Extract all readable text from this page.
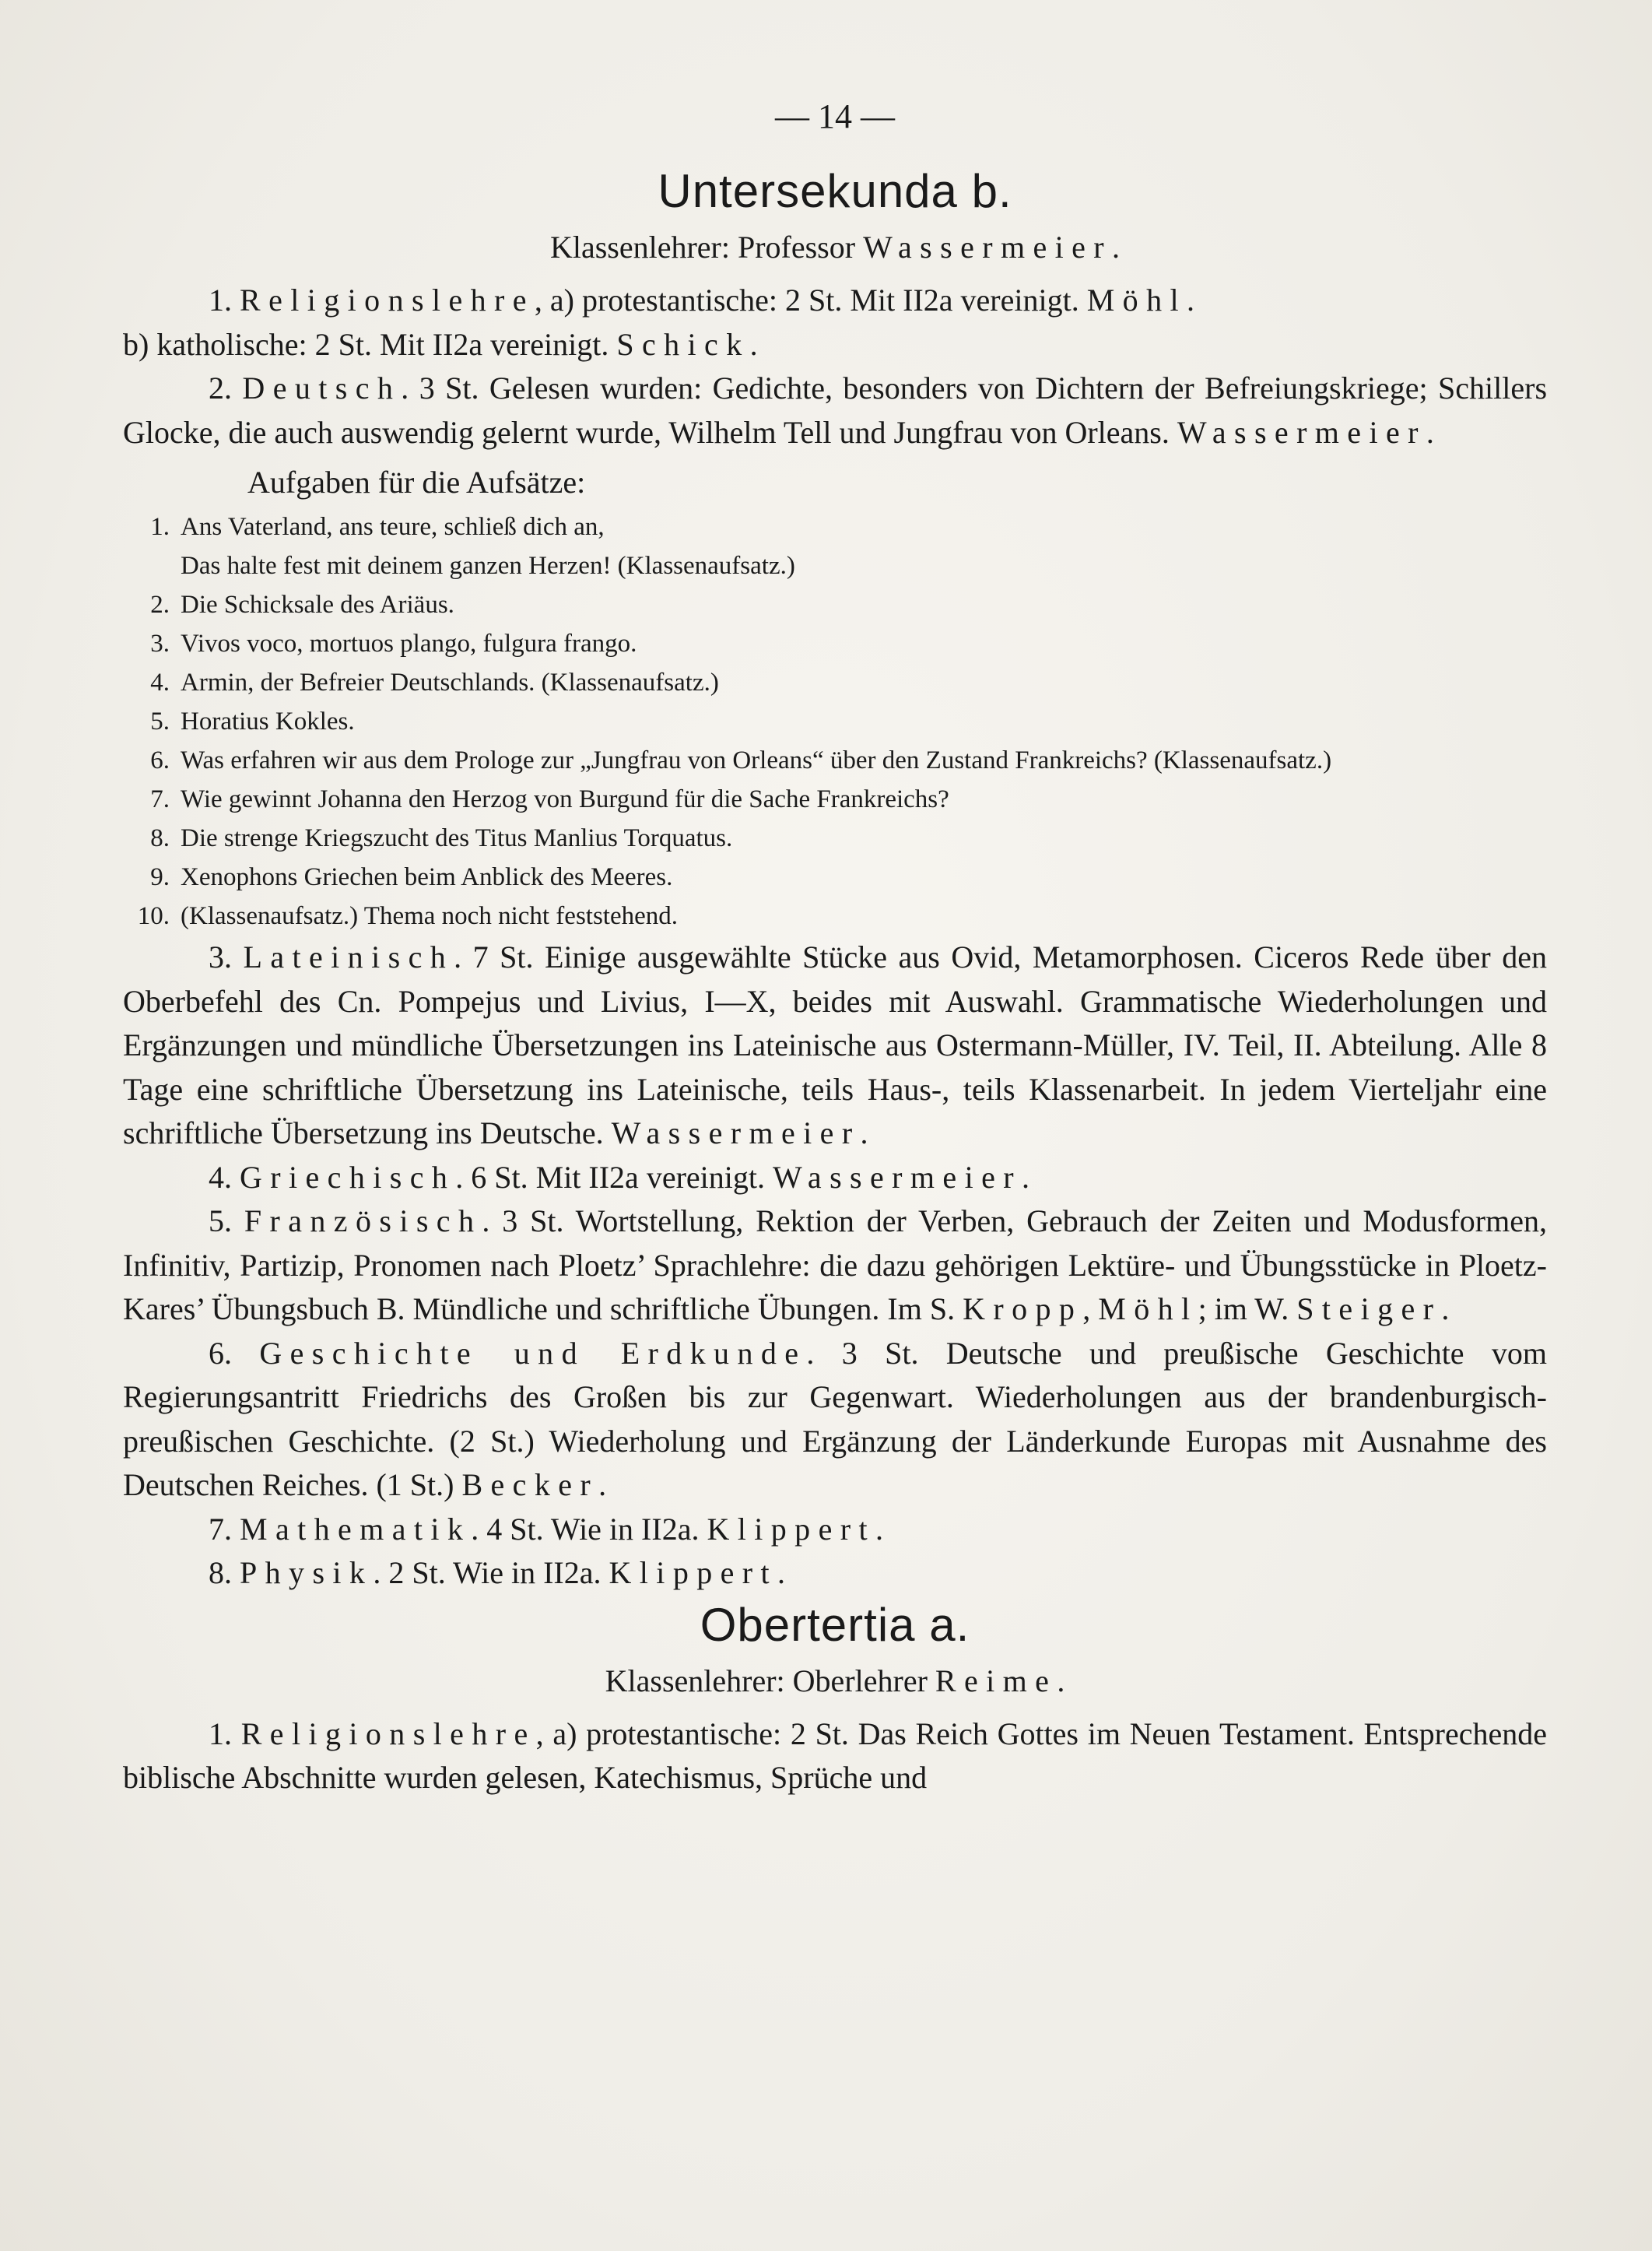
— 14 —
Untersekunda b.
Klassenlehrer: Professor Wassermeier.

1. Religionslehre, a) protestantische: 2 St. Mit II2a vereinigt. Möhl.

b) katholische: 2 St. Mit II2a vereinigt. Schick.

2. Deutsch. 3 St. Gelesen wurden: Gedichte, besonders von Dichtern der Befreiungskriege; Schillers Glocke, die auch auswendig gelernt wurde, Wilhelm Tell und Jungfrau von Orleans. Wassermeier.

Aufgaben für die Aufsätze:
1. Ans Vaterland, ans teure, schließ dich an,
Das halte fest mit deinem ganzen Herzen! (Klassenaufsatz.)
2. Die Schicksale des Ariäus.
3. Vivos voco, mortuos plango, fulgura frango.
4. Armin, der Befreier Deutschlands. (Klassenaufsatz.)
5. Horatius Kokles.
6. Was erfahren wir aus dem Prologe zur „Jungfrau von Orleans“ über den Zustand Frankreichs? (Klassenaufsatz.)
7. Wie gewinnt Johanna den Herzog von Burgund für die Sache Frankreichs?
8. Die strenge Kriegszucht des Titus Manlius Torquatus.
9. Xenophons Griechen beim Anblick des Meeres.
10. (Klassenaufsatz.) Thema noch nicht feststehend.

3. Lateinisch. 7 St. Einige ausgewählte Stücke aus Ovid, Metamorphosen. Ciceros Rede über den Oberbefehl des Cn. Pompejus und Livius, I—X, beides mit Auswahl. Grammatische Wiederholungen und Ergänzungen und mündliche Übersetzungen ins Lateinische aus Ostermann-Müller, IV. Teil, II. Abteilung. Alle 8 Tage eine schriftliche Übersetzung ins Lateinische, teils Haus-, teils Klassenarbeit. In jedem Vierteljahr eine schriftliche Übersetzung ins Deutsche. Wassermeier.

4. Griechisch. 6 St. Mit II2a vereinigt. Wassermeier.

5. Französisch. 3 St. Wortstellung, Rektion der Verben, Gebrauch der Zeiten und Modusformen, Infinitiv, Partizip, Pronomen nach Ploetz’ Sprachlehre: die dazu gehörigen Lektüre- und Übungsstücke in Ploetz-Kares’ Übungsbuch B. Mündliche und schriftliche Übungen. Im S. Kropp, Möhl; im W. Steiger.

6. Geschichte und Erdkunde. 3 St. Deutsche und preußische Geschichte vom Regierungsantritt Friedrichs des Großen bis zur Gegenwart. Wiederholungen aus der brandenburgisch-preußischen Geschichte. (2 St.) Wiederholung und Ergänzung der Länderkunde Europas mit Ausnahme des Deutschen Reiches. (1 St.) Becker.

7. Mathematik. 4 St. Wie in II2a. Klippert.

8. Physik. 2 St. Wie in II2a. Klippert.

Obertertia a.
Klassenlehrer: Oberlehrer Reime.

1. Religionslehre, a) protestantische: 2 St. Das Reich Gottes im Neuen Testament. Entsprechende biblische Abschnitte wurden gelesen, Katechismus, Sprüche und
